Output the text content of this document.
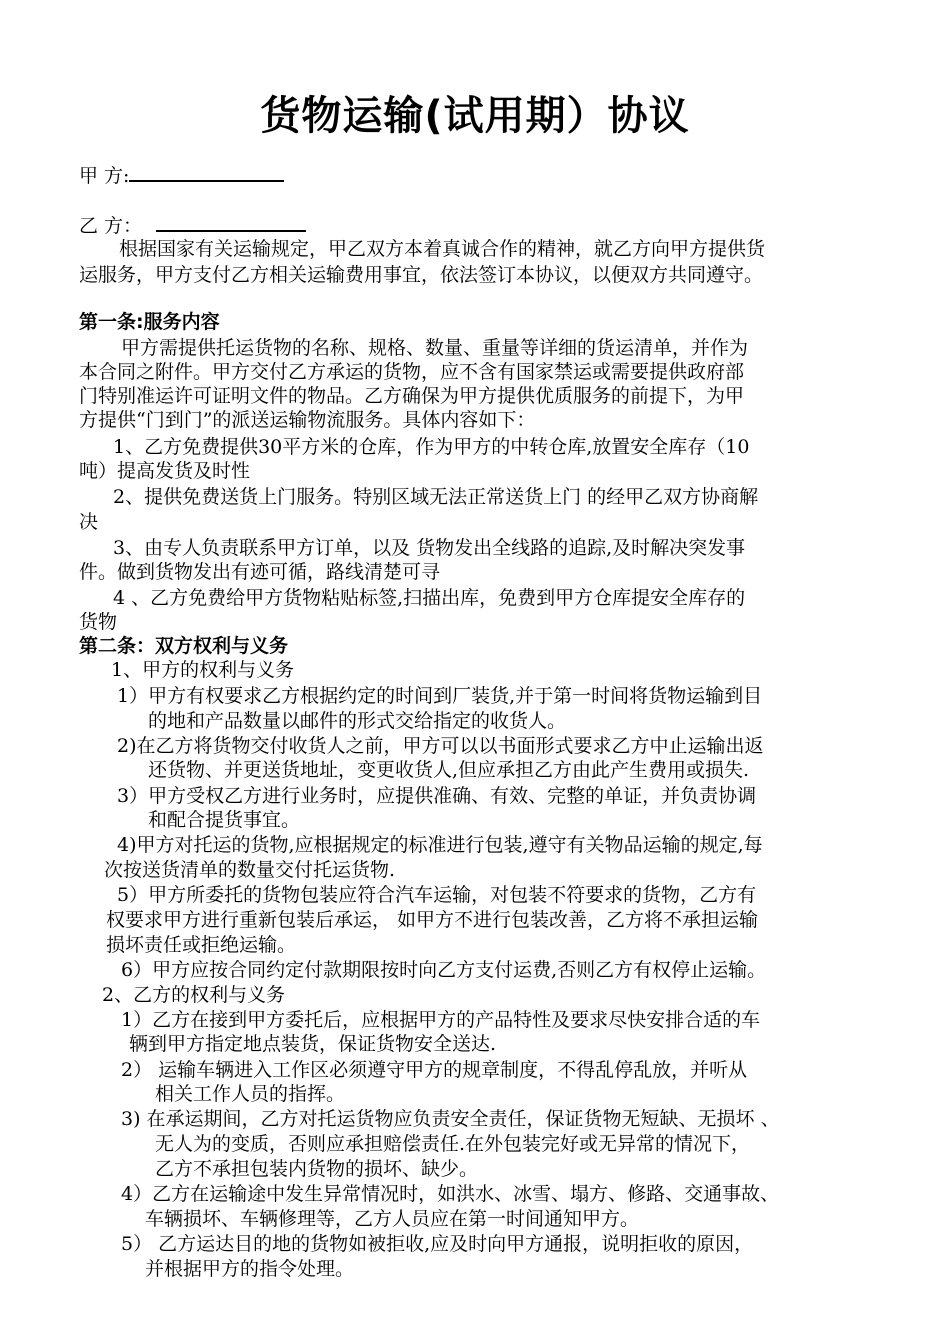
货物运输(试用期）协议
甲 方:
乙 方：
根据国家有关运输规定，甲乙双方本着真诚合作的精神，就乙方向甲方提供货
运服务，甲方支付乙方相关运输费用事宜，依法签订本协议，以便双方共同遵守。
第一条:服务内容
甲方需提供托运货物的名称、规格、数量、重量等详细的货运清单，并作为
本合同之附件。甲方交付乙方承运的货物，应不含有国家禁运或需要提供政府部
门特别准运许可证明文件的物品。乙方确保为甲方提供优质服务的前提下，为甲
方提供“门到门”的派送运输物流服务。具体内容如下：
1、乙方免费提供30平方米的仓库，作为甲方的中转仓库,放置安全库存（10
吨）提高发货及时性
2、提供免费送货上门服务。特别区域无法正常送货上门 的经甲乙双方协商解
决
3、由专人负责联系甲方订单，以及 货物发出全线路的追踪,及时解决突发事
件。做到货物发出有迹可循，路线清楚可寻
4 、乙方免费给甲方货物粘贴标签,扫描出库，免费到甲方仓库提安全库存的
货物
第二条：双方权利与义务
1、甲方的权利与义务
1）甲方有权要求乙方根据约定的时间到厂装货,并于第一时间将货物运输到目
的地和产品数量以邮件的形式交给指定的收货人。
2)在乙方将货物交付收货人之前，甲方可以以书面形式要求乙方中止运输出返
还货物、并更送货地址，变更收货人,但应承担乙方由此产生费用或损失.
3）甲方受权乙方进行业务时，应提供准确、有效、完整的单证，并负责协调
和配合提货事宜。
4)甲方对托运的货物,应根据规定的标准进行包装,遵守有关物品运输的规定,每
次按送货清单的数量交付托运货物.
5）甲方所委托的货物包装应符合汽车运输，对包装不符要求的货物，乙方有
权要求甲方进行重新包装后承运， 如甲方不进行包装改善，乙方将不承担运输
损坏责任或拒绝运输。
6）甲方应按合同约定付款期限按时向乙方支付运费,否则乙方有权停止运输。
2、乙方的权利与义务
1）乙方在接到甲方委托后，应根据甲方的产品特性及要求尽快安排合适的车
辆到甲方指定地点装货，保证货物安全送达.
2） 运输车辆进入工作区必须遵守甲方的规章制度，不得乱停乱放，并听从
相关工作人员的指挥。
3) 在承运期间，乙方对托运货物应负责安全责任，保证货物无短缺、无损坏 、
无人为的变质，否则应承担赔偿责任.在外包装完好或无异常的情况下，
乙方不承担包装内货物的损坏、缺少。
4）乙方在运输途中发生异常情况时，如洪水、冰雪、塌方、修路、交通事故、
车辆损坏、车辆修理等，乙方人员应在第一时间通知甲方。
5） 乙方运达目的地的货物如被拒收,应及时向甲方通报，说明拒收的原因，
并根据甲方的指令处理。
